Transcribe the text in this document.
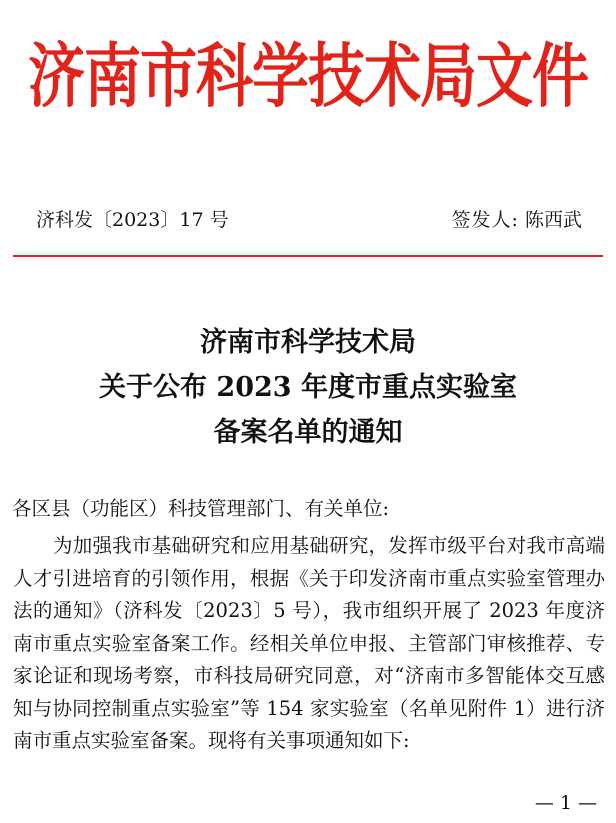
济南市科学技术局文件
济科发〔2023〕17 号	签发人: 陈西武
济南市科学技术局
关于公布 2023 年度市重点实验室
备案名单的通知
各区县（功能区）科技管理部门、有关单位:

为加强我市基础研究和应用基础研究，发挥市级平台对我市高端人才引进培育的引领作用，根据《关于印发济南市重点实验室管理办法的通知》（济科发〔2023〕5 号），我市组织开展了 2023 年度济南市重点实验室备案工作。经相关单位申报、主管部门审核推荐、专家论证和现场考察，市科技局研究同意，对“济南市多智能体交互感知与协同控制重点实验室”等 154 家实验室（名单见附件 1）进行济南市重点实验室备案。现将有关事项通知如下:

— 1 —
